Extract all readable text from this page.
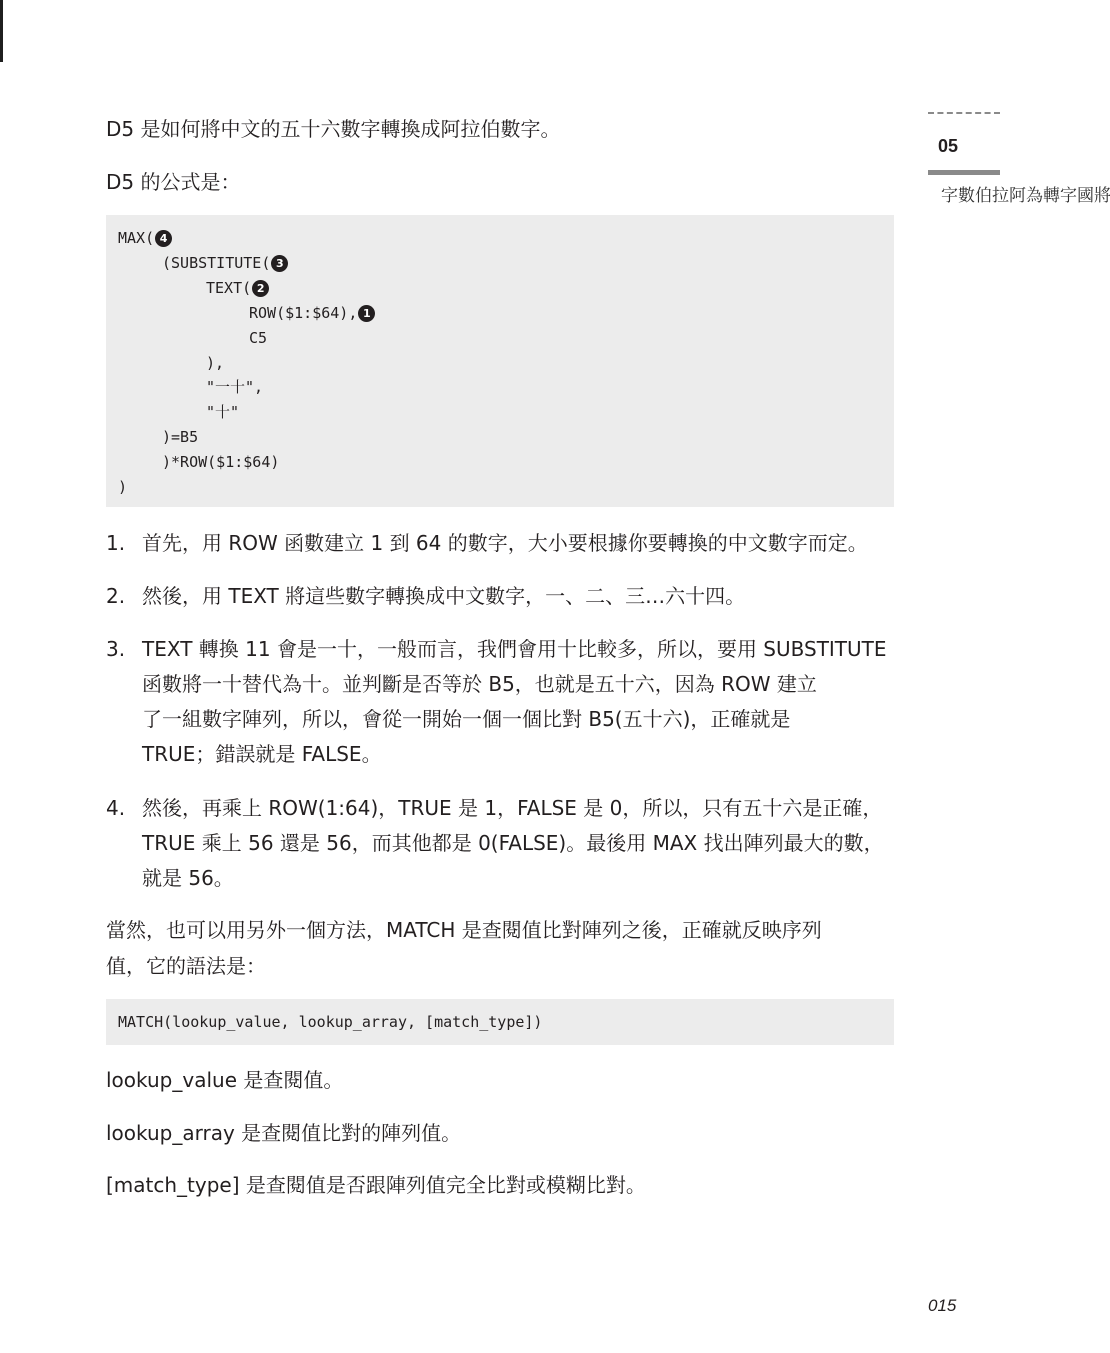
05
將國字轉為阿拉伯數字

D5 是如何將中文的五十六數字轉換成阿拉伯數字。

D5 的公式是：

MAX( 4
(SUBSTITUTE( 3
TEXT( 2
ROW($1:$64), 1
C5
),
"一十",
"十"
)=B5
)*ROW($1:$64)
)
1. 首先，用 ROW 函數建立 1 到 64 的數字，大小要根據你要轉換的中文數字而定。
2. 然後，用 TEXT 將這些數字轉換成中文數字，一、二、三…六十四。
3. TEXT 轉換 11 會是一十，一般而言，我們會用十比較多，所以，要用 SUBSTITUTE
函數將一十替代為十。並判斷是否等於 B5，也就是五十六，因為 ROW 建立
了一組數字陣列，所以，會從一開始一個一個比對 B5(五十六)，正確就是
TRUE；錯誤就是 FALSE。
4. 然後，再乘上 ROW(1:64)，TRUE 是 1，FALSE 是 0，所以，只有五十六是正確，
TRUE 乘上 56 還是 56，而其他都是 0(FALSE)。最後用 MAX 找出陣列最大的數，
就是 56。

當然，也可以用另外一個方法，MATCH 是查閱值比對陣列之後，正確就反映序列

值，它的語法是：

MATCH(lookup_value, lookup_array, [match_type])

lookup_value 是查閱值。

lookup_array 是查閱值比對的陣列值。

[match_type] 是查閱值是否跟陣列值完全比對或模糊比對。

015
